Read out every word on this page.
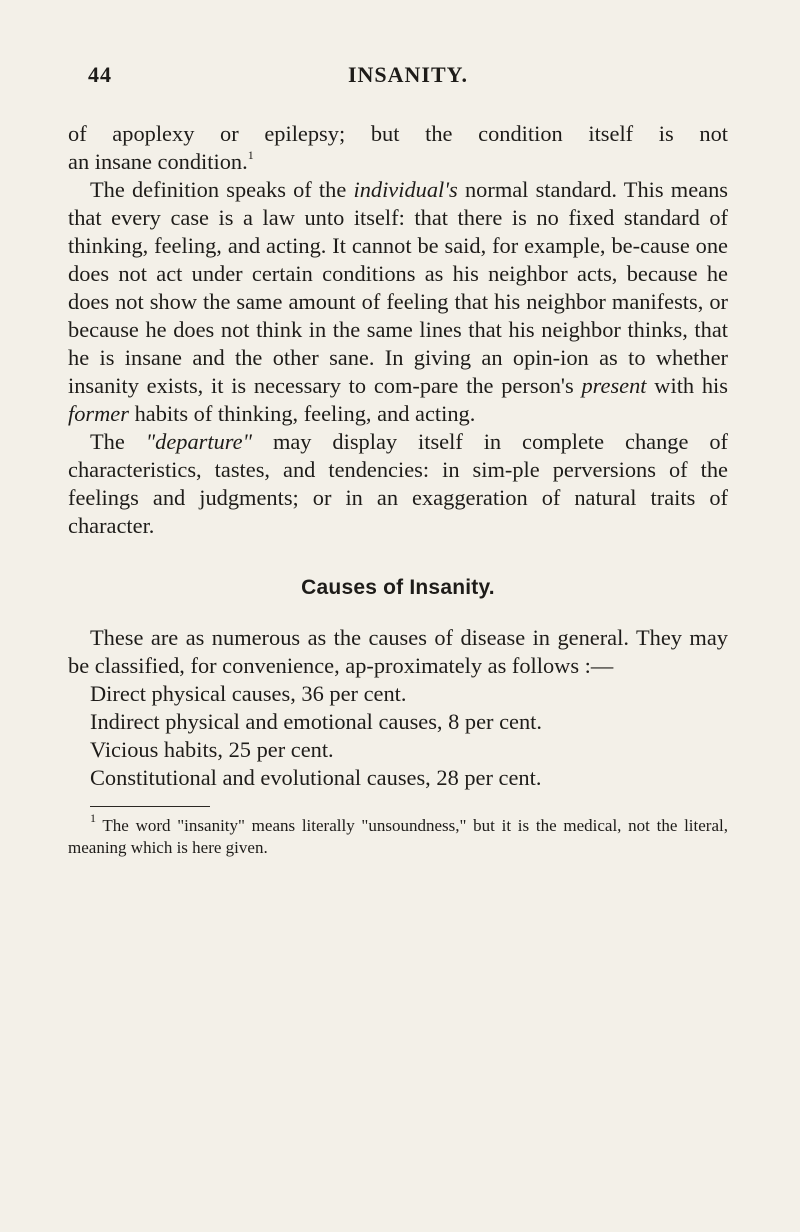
44	INSANITY.

of apoplexy or epilepsy; but the condition itself is not
an insane condition.$^1$

The definition speaks of the individual's normal standard. This means that every case is a law unto itself: that there is no fixed standard of thinking, feeling, and acting. It cannot be said, for example, be-cause one does not act under certain conditions as his neighbor acts, because he does not show the same amount of feeling that his neighbor manifests, or because he does not think in the same lines that his neighbor thinks, that he is insane and the other sane. In giving an opin-ion as to whether insanity exists, it is necessary to com-pare the person's present with his former habits of thinking, feeling, and acting.

The "departure" may display itself in complete change of characteristics, tastes, and tendencies: in sim-ple perversions of the feelings and judgments; or in an exaggeration of natural traits of character.

Causes of Insanity.

These are as numerous as the causes of disease in general. They may be classified, for convenience, ap-proximately as follows :—

Direct physical causes, 36 per cent.

Indirect physical and emotional causes, 8 per cent.

Vicious habits, 25 per cent.

Constitutional and evolutional causes, 28 per cent.

$^1$ The word "insanity" means literally "unsoundness," but it is the medical, not the literal, meaning which is here given.
